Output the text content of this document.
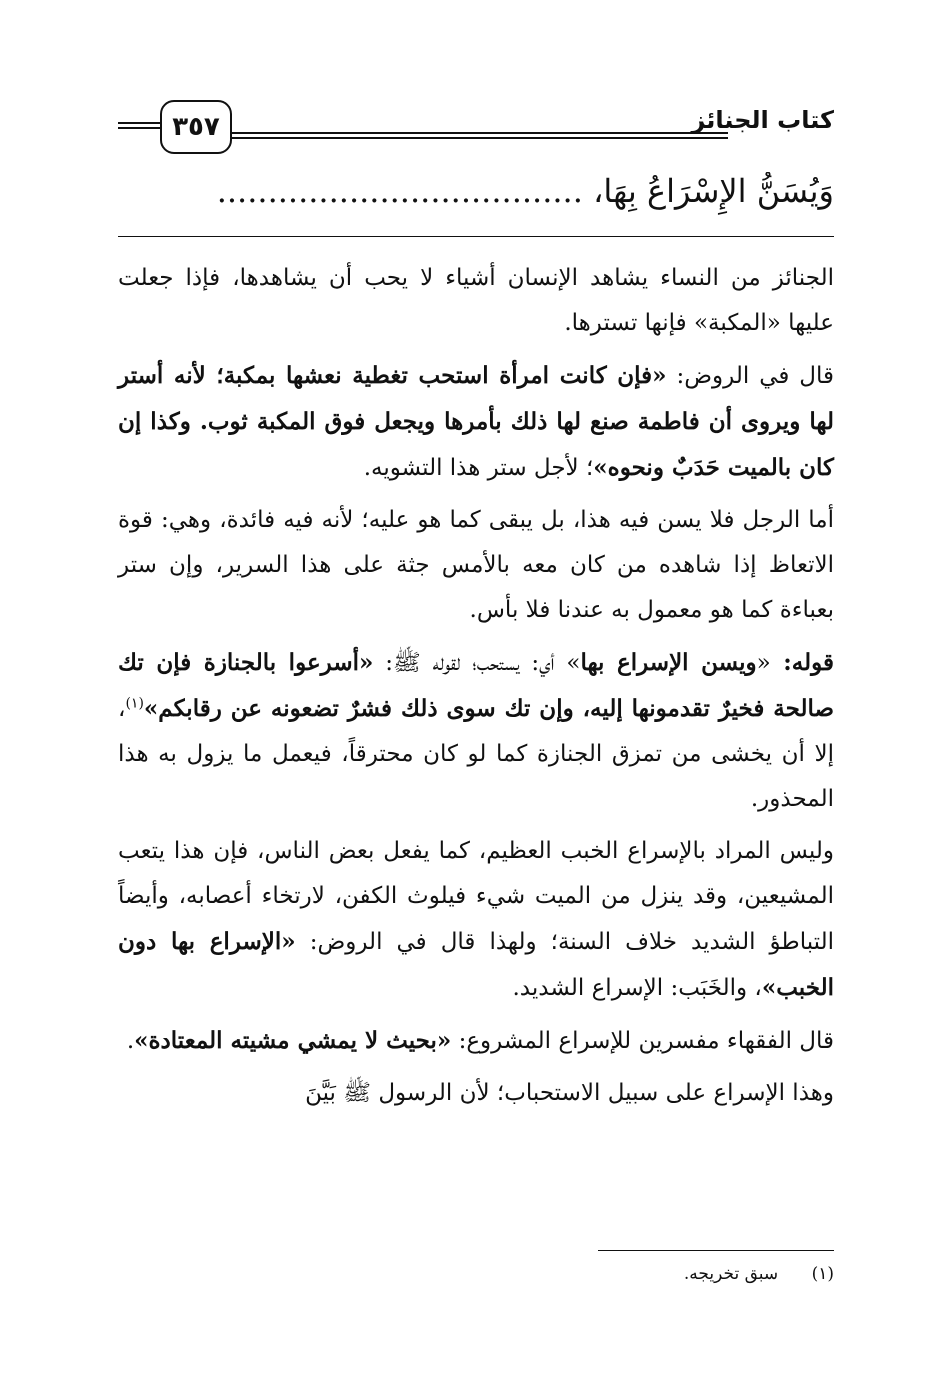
٣٥٧	كتاب الجنائز
وَيُسَنُّ الإِسْرَاعُ بِهَا، ....................................

الجنائز من النساء يشاهد الإنسان أشياء لا يحب أن يشاهدها، فإذا جعلت عليها «المكبة» فإنها تسترها.

قال في الروض: «فإن كانت امرأة استحب تغطية نعشها بمكبة؛ لأنه أستر لها ويروى أن فاطمة صنع لها ذلك بأمرها ويجعل فوق المكبة ثوب. وكذا إن كان بالميت حَدَبٌ ونحوه»؛ لأجل ستر هذا التشويه.

أما الرجل فلا يسن فيه هذا، بل يبقى كما هو عليه؛ لأنه فيه فائدة، وهي: قوة الاتعاظ إذا شاهده من كان معه بالأمس جثة على هذا السرير، وإن ستر بعباءة كما هو معمول به عندنا فلا بأس.

قوله: «ويسن الإسراع بها» أي: يستحب؛ لقوله ﷺ: «أسرعوا بالجنازة فإن تك صالحة فخيرٌ تقدمونها إليه، وإن تك سوى ذلك فشرٌ تضعونه عن رقابكم»$^{(١)}$، إلا أن يخشى من تمزق الجنازة كما لو كان محترقاً، فيعمل ما يزول به هذا المحذور.

وليس المراد بالإسراع الخبب العظيم، كما يفعل بعض الناس، فإن هذا يتعب المشيعين، وقد ينزل من الميت شيء فيلوث الكفن، لارتخاء أعصابه، وأيضاً التباطؤ الشديد خلاف السنة؛ ولهذا قال في الروض: «الإسراع بها دون الخبب»، والخَبَب: الإسراع الشديد.

قال الفقهاء مفسرين للإسراع المشروع: «بحيث لا يمشي مشيته المعتادة».

وهذا الإسراع على سبيل الاستحباب؛ لأن الرسول ﷺ بَيَّنَ

(١) سبق تخريجه.
